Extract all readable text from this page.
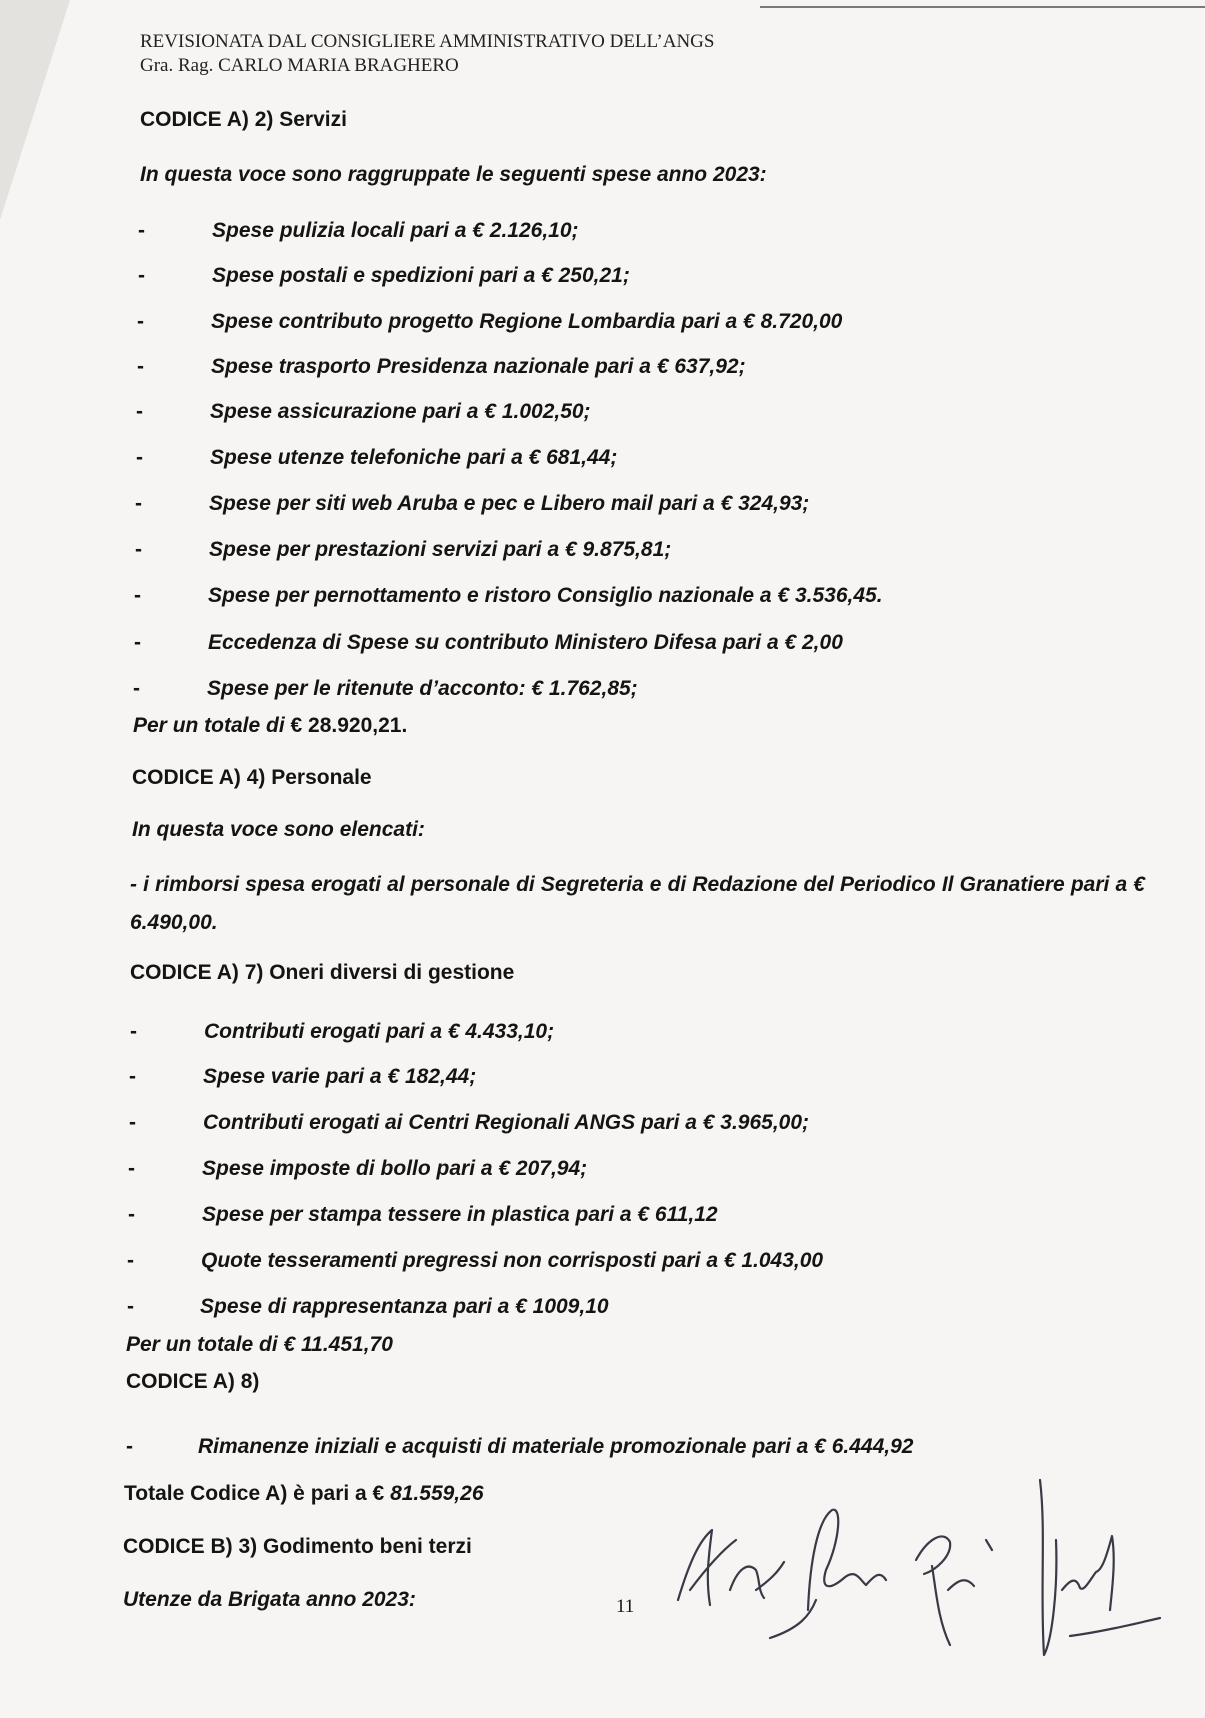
REVISIONATA DAL CONSIGLIERE AMMINISTRATIVO DELL’ANGS
Gra. Rag. CARLO MARIA BRAGHERO
CODICE A) 2) Servizi
In questa voce sono raggruppate le seguenti spese anno 2023:
-	Spese pulizia locali pari a € 2.126,10;
-	Spese postali e spedizioni pari a € 250,21;
-	Spese contributo progetto Regione Lombardia pari a € 8.720,00
-	Spese trasporto Presidenza nazionale pari a € 637,92;
-	Spese assicurazione pari a € 1.002,50;
-	Spese utenze telefoniche pari a € 681,44;
-	Spese per siti web Aruba e pec e Libero mail pari a € 324,93;
-	Spese per prestazioni servizi pari a € 9.875,81;
-	Spese per pernottamento e ristoro Consiglio nazionale a € 3.536,45.
-	Eccedenza di Spese su contributo Ministero Difesa pari a € 2,00
-	Spese per le ritenute d’acconto: € 1.762,85;
Per un totale di € 28.920,21.
CODICE A) 4) Personale
In questa voce sono elencati:
- i rimborsi spesa erogati al personale di Segreteria e di Redazione del Periodico Il Granatiere pari a € 6.490,00.
CODICE A) 7) Oneri diversi di gestione
-	Contributi erogati pari a € 4.433,10;
-	Spese varie pari a € 182,44;
-	Contributi erogati ai Centri Regionali ANGS pari a € 3.965,00;
-	Spese imposte di bollo pari a € 207,94;
-	Spese per stampa tessere in plastica pari a € 611,12
-	Quote tesseramenti pregressi non corrisposti pari a € 1.043,00
-	Spese di rappresentanza pari a € 1009,10
Per un totale di € 11.451,70
CODICE A) 8)
-	Rimanenze iniziali e acquisti di materiale promozionale pari a € 6.444,92
Totale Codice A) è pari a € 81.559,26
CODICE B) 3) Godimento beni terzi
Utenze da Brigata anno 2023:	11
